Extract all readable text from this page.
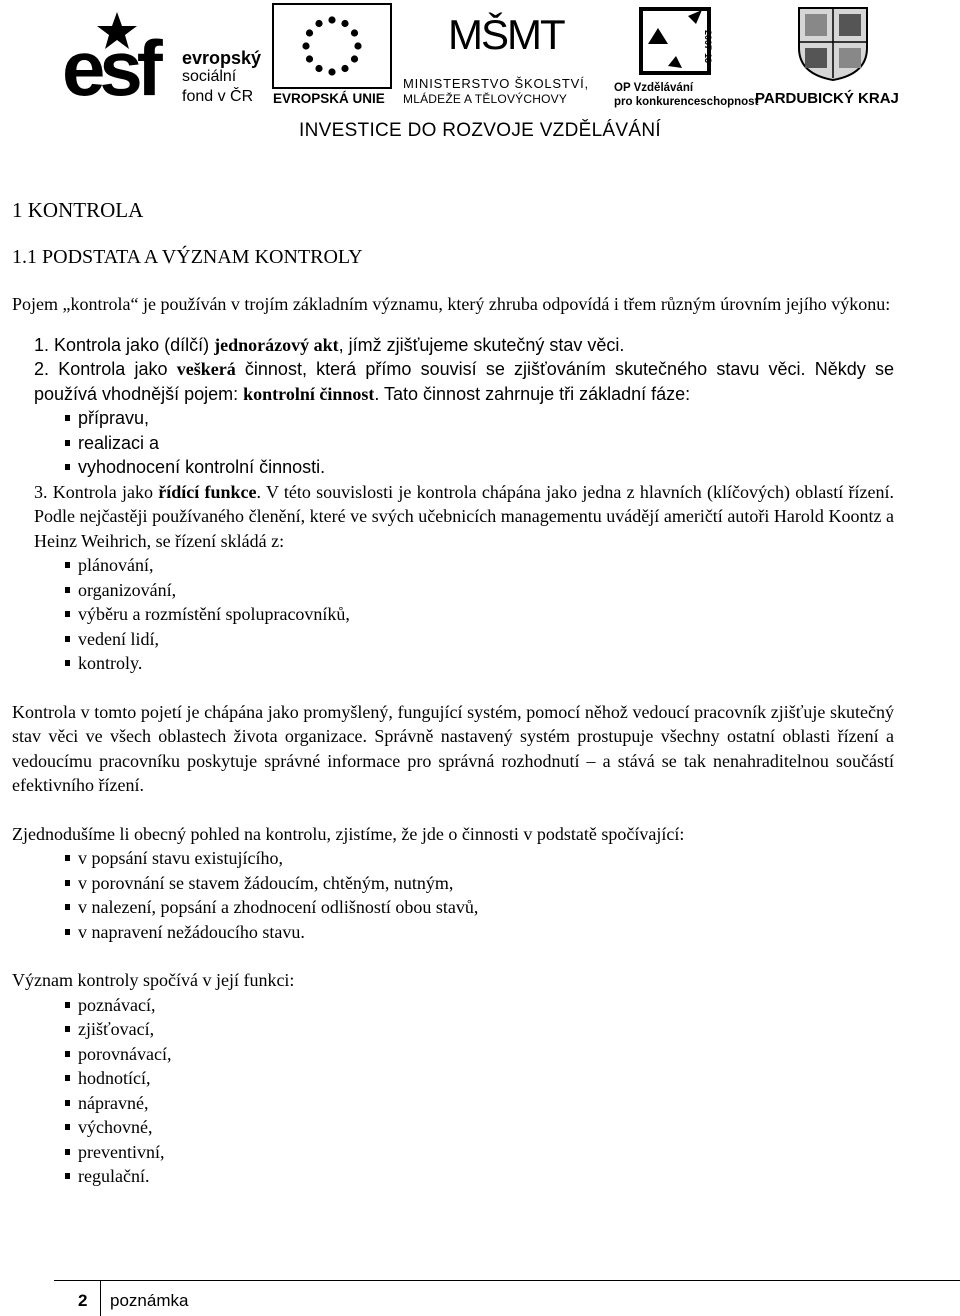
esf evropský
sociální
fond v ČR EVROPSKÁ UNIE
MŠMT
MINISTERSTVO ŠKOLSTVÍ,
MLÁDEŽE A TĚLOVÝCHOVY
2007-13
OP Vzdělávání
pro konkurenceschopnost
PARDUBICKÝ KRAJ
INVESTICE DO ROZVOJE VZDĚLÁVÁNÍ
1 KONTROLA
1.1 PODSTATA A VÝZNAM KONTROLY

Pojem „kontrola“ je používán v trojím základním významu, který zhruba odpovídá i třem různým úrovním jejího výkonu:

1. Kontrola jako (dílčí) jednorázový akt, jímž zjišťujeme skutečný stav věci.

2. Kontrola jako veškerá činnost, která přímo souvisí se zjišťováním skutečného stavu věci. Někdy se používá vhodnější pojem: kontrolní činnost. Tato činnost zahrnuje tři základní fáze:

přípravu,
realizaci a
vyhodnocení kontrolní činnosti.

3. Kontrola jako řídící funkce. V této souvislosti je kontrola chápána jako jedna z hlavních (klíčových) oblastí řízení. Podle nejčastěji používaného členění, které ve svých učebnicích managementu uvádějí američtí autoři Harold Koontz a Heinz Weihrich, se řízení skládá z:

plánování,
organizování,
výběru a rozmístění spolupracovníků,
vedení lidí,
kontroly.

Kontrola v tomto pojetí je chápána jako promyšlený, fungující systém, pomocí něhož vedoucí pracovník zjišťuje skutečný stav věci ve všech oblastech života organizace. Správně nastavený systém prostupuje všechny ostatní oblasti řízení a vedoucímu pracovníku poskytuje správné informace pro správná rozhodnutí – a stává se tak nenahraditelnou součástí efektivního řízení.

Zjednodušíme li obecný pohled na kontrolu, zjistíme, že jde o činnosti v podstatě spočívající:

v popsání stavu existujícího,
v porovnání se stavem žádoucím, chtěným, nutným,
v nalezení, popsání a zhodnocení odlišností obou stavů,
v napravení nežádoucího stavu.

Význam kontroly spočívá v její funkci:

poznávací,
zjišťovací,
porovnávací,
hodnotící,
nápravné,
výchovné,
preventivní,
regulační.
2 poznámka
